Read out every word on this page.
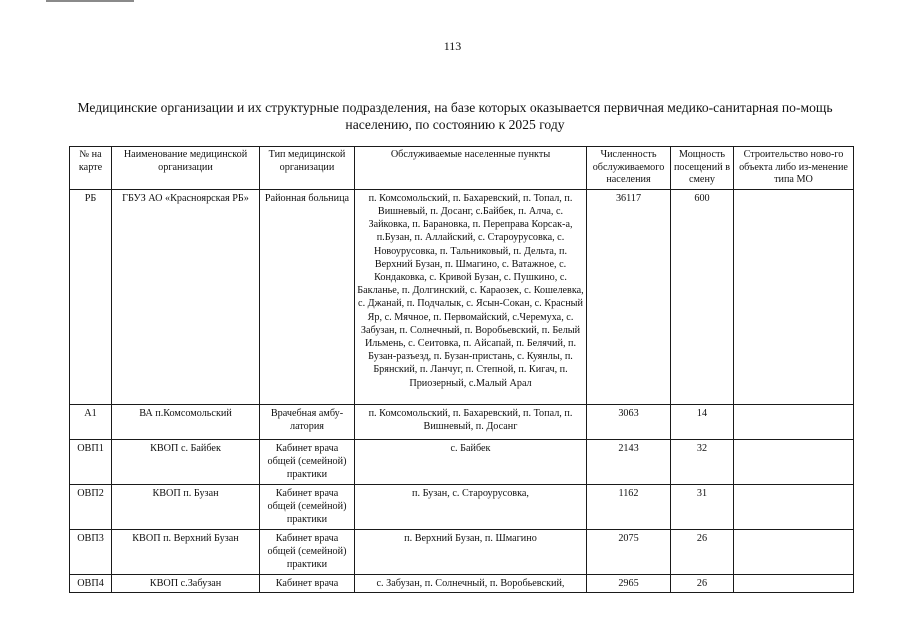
113
Медицинские организации и их структурные подразделения, на базе которых оказывается первичная медико-санитарная по-мощь населению, по состоянию к 2025 году
№ на карте	Наименование медицинской организации	Тип медицинской организации	Обслуживаемые населенные пункты	Численность обслуживаемого населения	Мощность посещений в смену	Строительство ново-го объекта либо из-менение типа МО
РБ	ГБУЗ АО «Красноярская РБ»	Районная больница	п. Комсомольский, п. Бахаревский, п. Топал, п. Вишневый, п. Досанг, с.Байбек, п. Алча, с. Зайковка, п. Барановка, п. Переправа Корсак-а, п.Бузан, п. Аллайский, с. Староурусовка, с. Новоурусовка, п. Тальниковый, п. Дельта, п. Верхний Бузан, п. Шмагино, с. Ватажное, с. Кондаковка, с. Кривой Бузан, с. Пушкино, с. Бакланье, п. Долгинский, с. Караозек, с. Кошелевка, с. Джанай, п. Подчалык, с. Ясын-Сокан, с. Красный Яр, с. Мячное, п. Первомайский, с.Черемуха, с. Забузан, п. Солнечный, п. Воробьевский, п. Белый Ильмень, с. Сеитовка, п. Айсапай, п. Белячий, п. Бузан-разъезд, п. Бузан-пристань, с. Куянлы, п. Брянский, п. Ланчуг, п. Степной, п. Кигач, п. Приозерный, с.Малый Арал	36117	600	
А1	ВА п.Комсомольский	Врачебная амбу-латория	п. Комсомольский, п. Бахаревский, п. Топал, п. Вишневый, п. Досанг	3063	14	
ОВП1	КВОП с. Байбек	Кабинет врача общей (семейной) практики	с. Байбек	2143	32	
ОВП2	КВОП п. Бузан	Кабинет врача общей (семейной) практики	п. Бузан, с. Староурусовка,	1162	31	
ОВП3	КВОП п. Верхний Бузан	Кабинет врача общей (семейной) практики	п. Верхний Бузан, п. Шмагино	2075	26	
ОВП4	КВОП с.Забузан	Кабинет врача	с. Забузан, п. Солнечный, п. Воробьевский,	2965	26	
